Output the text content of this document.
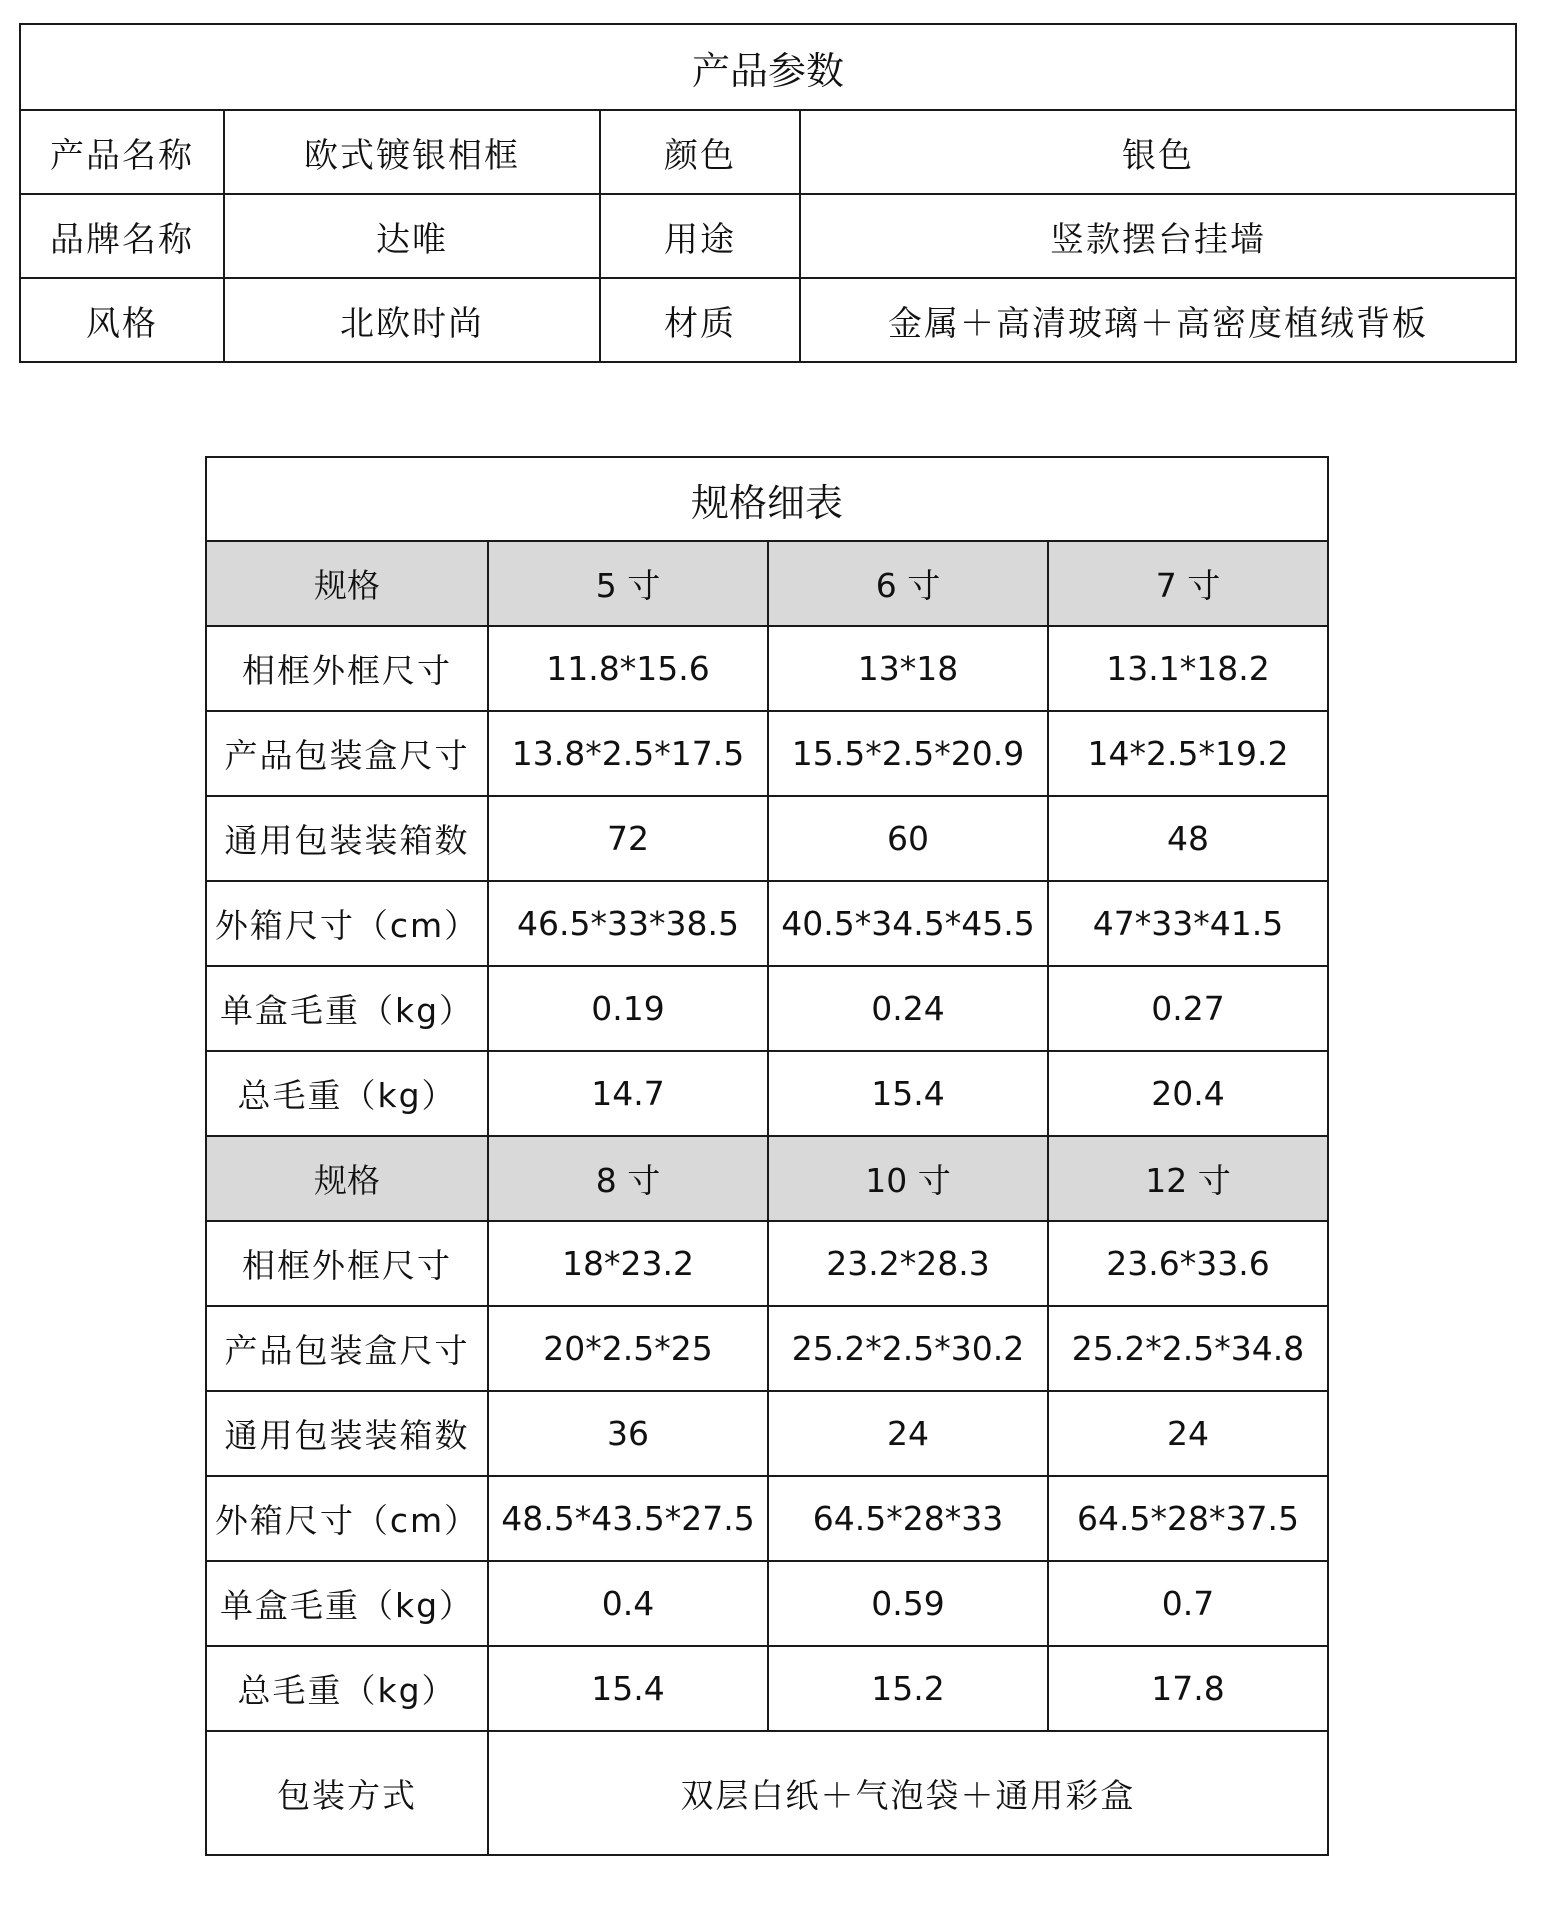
产品参数			
产品名称	欧式镀银相框	颜色	银色
品牌名称	达唯	用途	竖款摆台挂墙
风格	北欧时尚	材质	金属＋高清玻璃＋高密度植绒背板
规格细表			
规格	5 寸	6 寸	7 寸
相框外框尺寸	11.8*15.6	13*18	13.1*18.2
产品包装盒尺寸	13.8*2.5*17.5	15.5*2.5*20.9	14*2.5*19.2
通用包装装箱数	72	60	48
外箱尺寸（cm）	46.5*33*38.5	40.5*34.5*45.5	47*33*41.5
单盒毛重（kg）	0.19	0.24	0.27
总毛重（kg）	14.7	15.4	20.4
规格	8 寸	10 寸	12 寸
相框外框尺寸	18*23.2	23.2*28.3	23.6*33.6
产品包装盒尺寸	20*2.5*25	25.2*2.5*30.2	25.2*2.5*34.8
通用包装装箱数	36	24	24
外箱尺寸（cm）	48.5*43.5*27.5	64.5*28*33	64.5*28*37.5
单盒毛重（kg）	0.4	0.59	0.7
总毛重（kg）	15.4	15.2	17.8
包装方式	双层白纸＋气泡袋＋通用彩盒		
